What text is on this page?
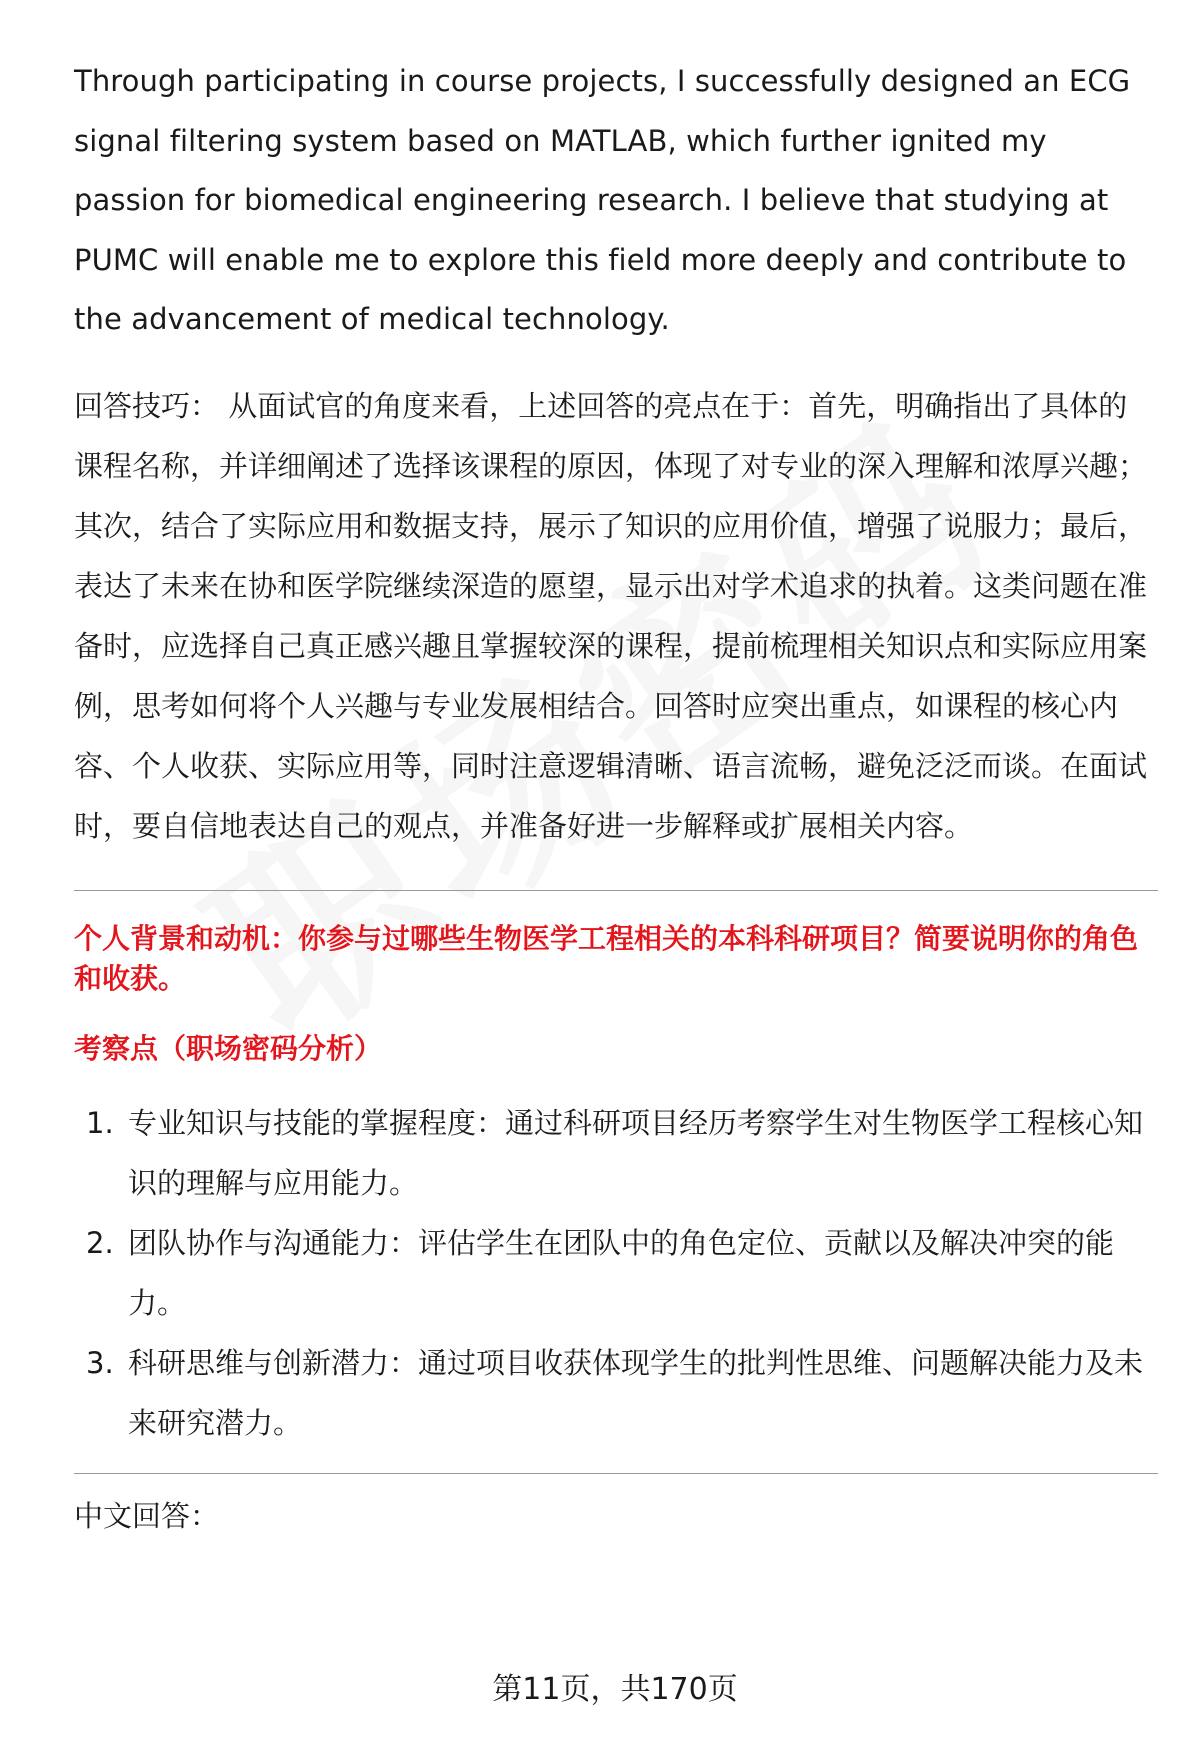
Through participating in course projects, I successfully designed an ECG signal filtering system based on MATLAB, which further ignited my passion for biomedical engineering research. I believe that studying at PUMC will enable me to explore this field more deeply and contribute to the advancement of medical technology.

回答技巧： 从面试官的角度来看，上述回答的亮点在于：首先，明确指出了具体的课程名称，并详细阐述了选择该课程的原因，体现了对专业的深入理解和浓厚兴趣；其次，结合了实际应用和数据支持，展示了知识的应用价值，增强了说服力；最后，表达了未来在协和医学院继续深造的愿望，显示出对学术追求的执着。这类问题在准备时，应选择自己真正感兴趣且掌握较深的课程，提前梳理相关知识点和实际应用案例，思考如何将个人兴趣与专业发展相结合。回答时应突出重点，如课程的核心内容、个人收获、实际应用等，同时注意逻辑清晰、语言流畅，避免泛泛而谈。在面试时，要自信地表达自己的观点，并准备好进一步解释或扩展相关内容。

个人背景和动机：你参与过哪些生物医学工程相关的本科科研项目？简要说明你的角色和收获。

考察点（职场密码分析）

1. 专业知识与技能的掌握程度：通过科研项目经历考察学生对生物医学工程核心知识的理解与应用能力。
2. 团队协作与沟通能力：评估学生在团队中的角色定位、贡献以及解决冲突的能力。
3. 科研思维与创新潜力：通过项目收获体现学生的批判性思维、问题解决能力及未来研究潜力。

中文回答：

第11页，共170页
